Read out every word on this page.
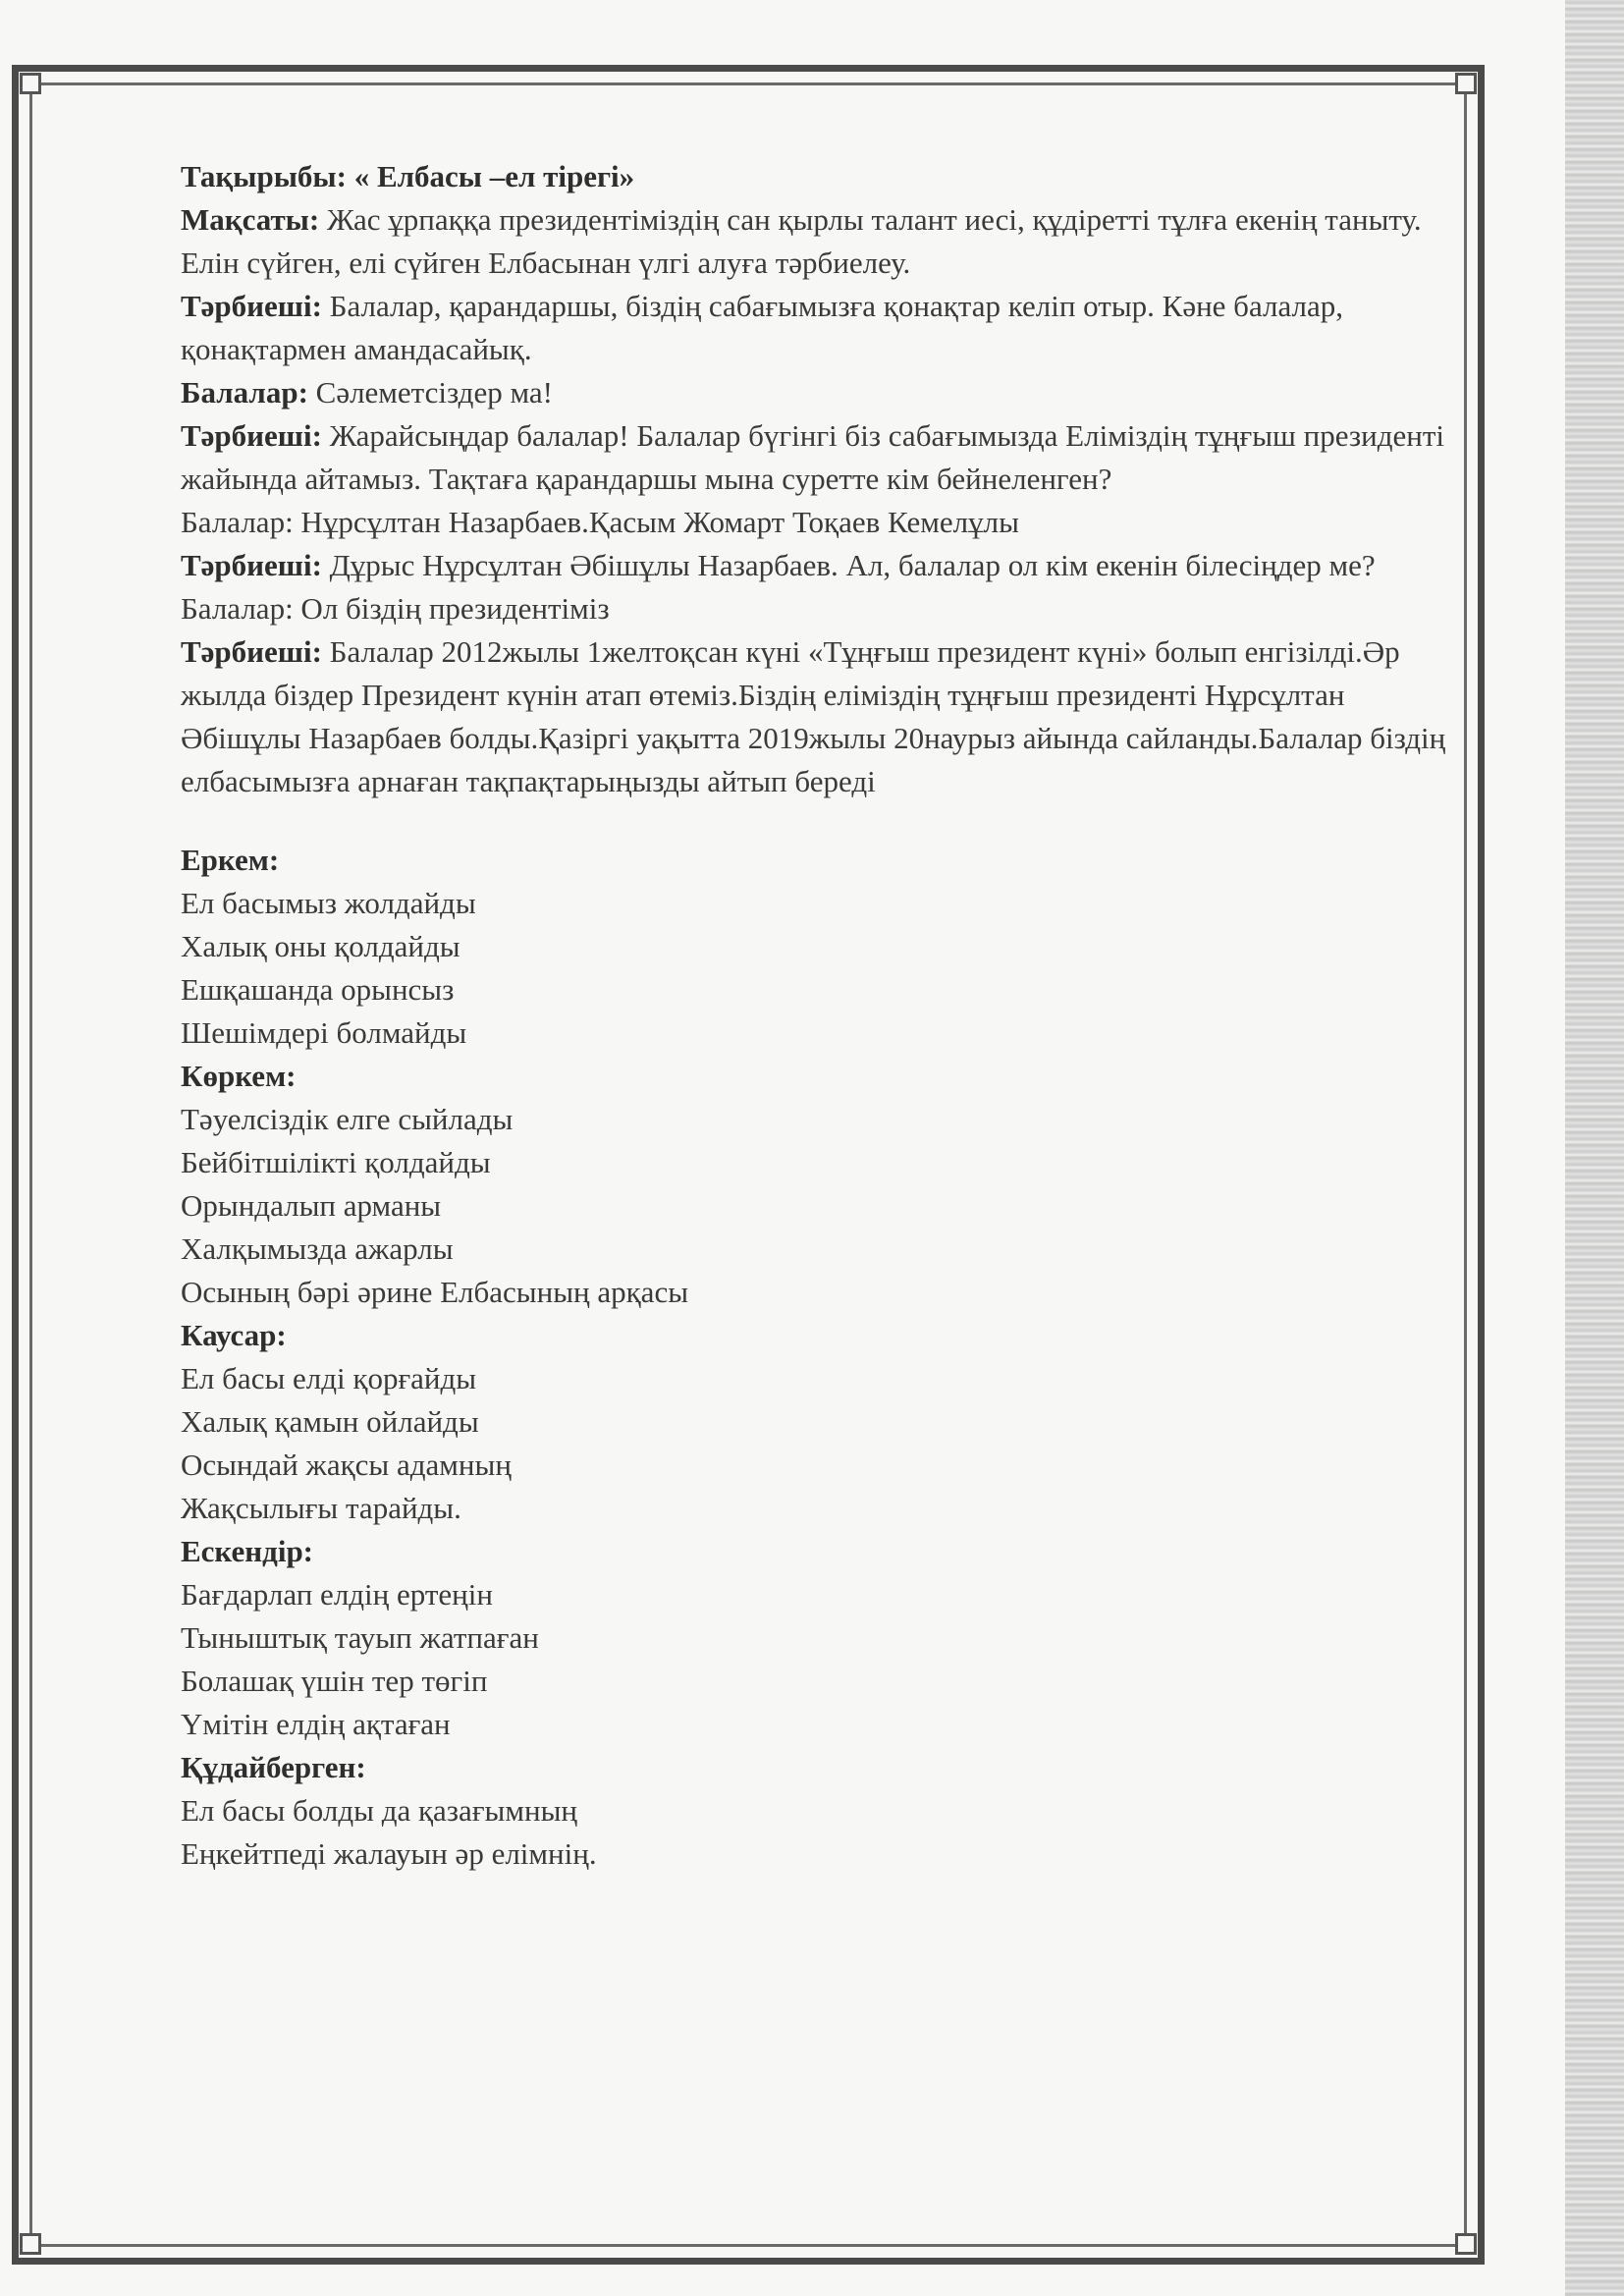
Тақырыбы: « Елбасы –ел тірегі»

Мақсаты: Жас ұрпаққа президентіміздің сан қырлы талант иесі, құдіретті тұлға екенің таныту. Елін сүйген, елі сүйген Елбасынан үлгі алуға тәрбиелеу.

Тәрбиеші: Балалар, қарандаршы, біздің сабағымызға қонақтар келіп отыр. Кәне балалар, қонақтармен амандасайық.

Балалар: Сәлеметсіздер ма!

Тәрбиеші: Жарайсыңдар балалар! Балалар бүгінгі біз сабағымызда Еліміздің тұңғыш президенті жайында айтамыз. Тақтаға қарандаршы мына суретте кім бейнеленген?

Балалар: Нұрсұлтан Назарбаев.Қасым Жомарт Тоқаев Кемелұлы

Тәрбиеші: Дұрыс Нұрсұлтан Әбішұлы Назарбаев. Ал, балалар ол кім екенін білесіңдер ме?

Балалар: Ол біздің президентіміз

Тәрбиеші: Балалар 2012жылы 1желтоқсан күні «Тұңғыш президент күні» болып енгізілді.Әр жылда біздер Президент күнін атап өтеміз.Біздің еліміздің тұңғыш президенті Нұрсұлтан Әбішұлы Назарбаев болды.Қазіргі уақытта 2019жылы 20наурыз айында сайланды.Балалар біздің елбасымызға арнаған тақпақтарыңызды айтып береді

Еркем:
Ел басымыз жолдайды
Халық оны қолдайды
Ешқашанда орынсыз
Шешімдері болмайды
Көркем:
Тәуелсіздік елге сыйлады
Бейбітшілікті қолдайды
Орындалып арманы
Халқымызда ажарлы
Осының бәрі әрине Елбасының арқасы
Каусар:
Ел басы елді қорғайды
Халық қамын ойлайды
Осындай жақсы адамның
Жақсылығы тарайды.
Ескендір:
Бағдарлап елдің ертеңін
Тыныштық тауып жатпаған
Болашақ үшін тер төгіп
Үмітін елдің ақтаған
Құдайберген:
Ел басы болды да қазағымның
Еңкейтпеді жалауын әр елімнің.
